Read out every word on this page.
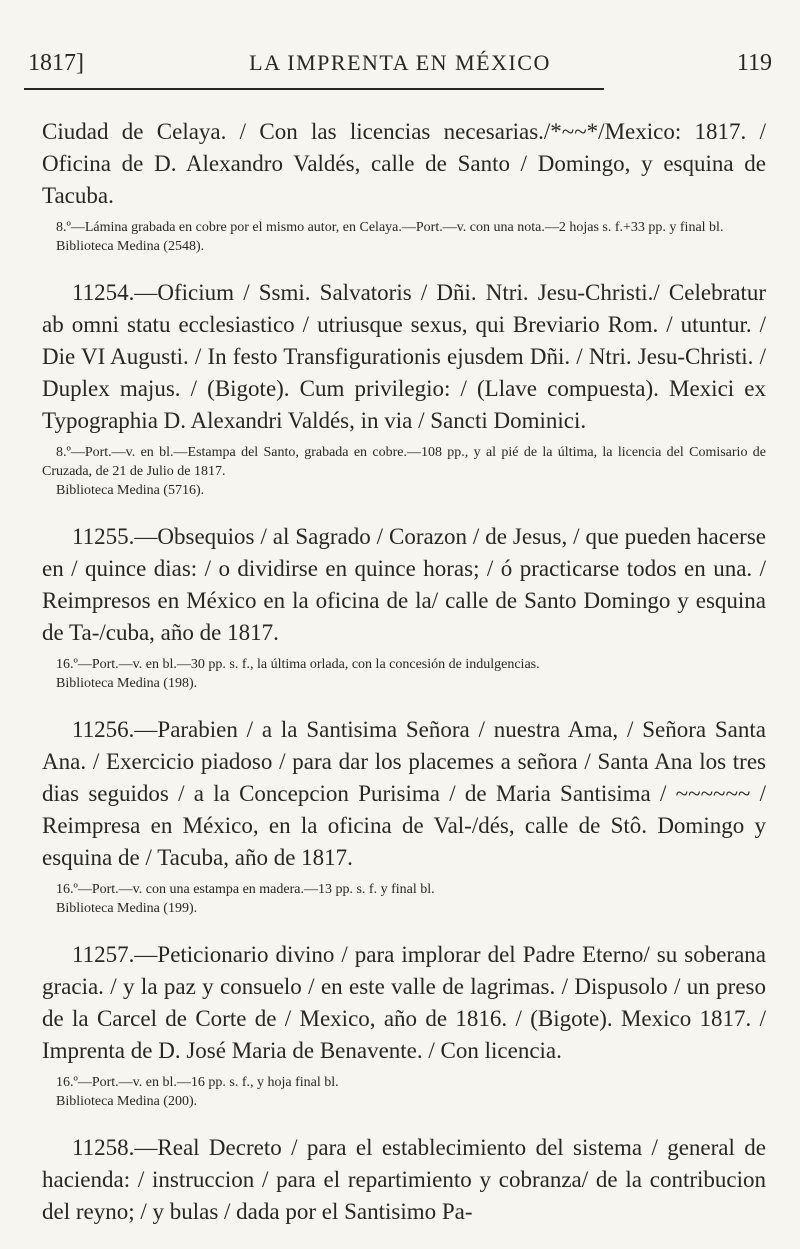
1817]	LA IMPRENTA EN MÉXICO	119

Ciudad de Celaya. / Con las licencias necesarias./*~~*/Mexico: 1817. / Oficina de D. Alexandro Valdés, calle de Santo / Domingo, y esquina de Tacuba.

8.º—Lámina grabada en cobre por el mismo autor, en Celaya.—Port.—v. con una nota.—2 hojas s. f.+33 pp. y final bl.

Biblioteca Medina (2548).

11254.—Oficium / Ssmi. Salvatoris / Dñi. Ntri. Jesu-Christi./ Celebratur ab omni statu ecclesiastico / utriusque sexus, qui Breviario Rom. / utuntur. / Die VI Augusti. / In festo Transfigurationis ejusdem Dñi. / Ntri. Jesu-Christi. / Duplex majus. / (Bigote). Cum privilegio: / (Llave compuesta). Mexici ex Typographia D. Alexandri Valdés, in via / Sancti Dominici.

8.º—Port.—v. en bl.—Estampa del Santo, grabada en cobre.—108 pp., y al pié de la última, la licencia del Comisario de Cruzada, de 21 de Julio de 1817.

Biblioteca Medina (5716).

11255.—Obsequios / al Sagrado / Corazon / de Jesus, / que pueden hacerse en / quince dias: / o dividirse en quince horas; / ó practicarse todos en una. / Reimpresos en México en la oficina de la/ calle de Santo Domingo y esquina de Ta-/cuba, año de 1817.

16.º—Port.—v. en bl.—30 pp. s. f., la última orlada, con la concesión de indulgencias.

Biblioteca Medina (198).

11256.—Parabien / a la Santisima Señora / nuestra Ama, / Señora Santa Ana. / Exercicio piadoso / para dar los placemes a señora / Santa Ana los tres dias seguidos / a la Concepcion Purisima / de Maria Santisima / ~~~~~~ / Reimpresa en México, en la oficina de Val-/dés, calle de Stô. Domingo y esquina de / Tacuba, año de 1817.

16.º—Port.—v. con una estampa en madera.—13 pp. s. f. y final bl.

Biblioteca Medina (199).

11257.—Peticionario divino / para implorar del Padre Eterno/ su soberana gracia. / y la paz y consuelo / en este valle de lagrimas. / Dispusolo / un preso de la Carcel de Corte de / Mexico, año de 1816. / (Bigote). Mexico 1817. / Imprenta de D. José Maria de Benavente. / Con licencia.

16.º—Port.—v. en bl.—16 pp. s. f., y hoja final bl.

Biblioteca Medina (200).

11258.—Real Decreto / para el establecimiento del sistema / general de hacienda: / instruccion / para el repartimiento y cobranza/ de la contribucion del reyno; / y bulas / dada por el Santisimo Pa-
